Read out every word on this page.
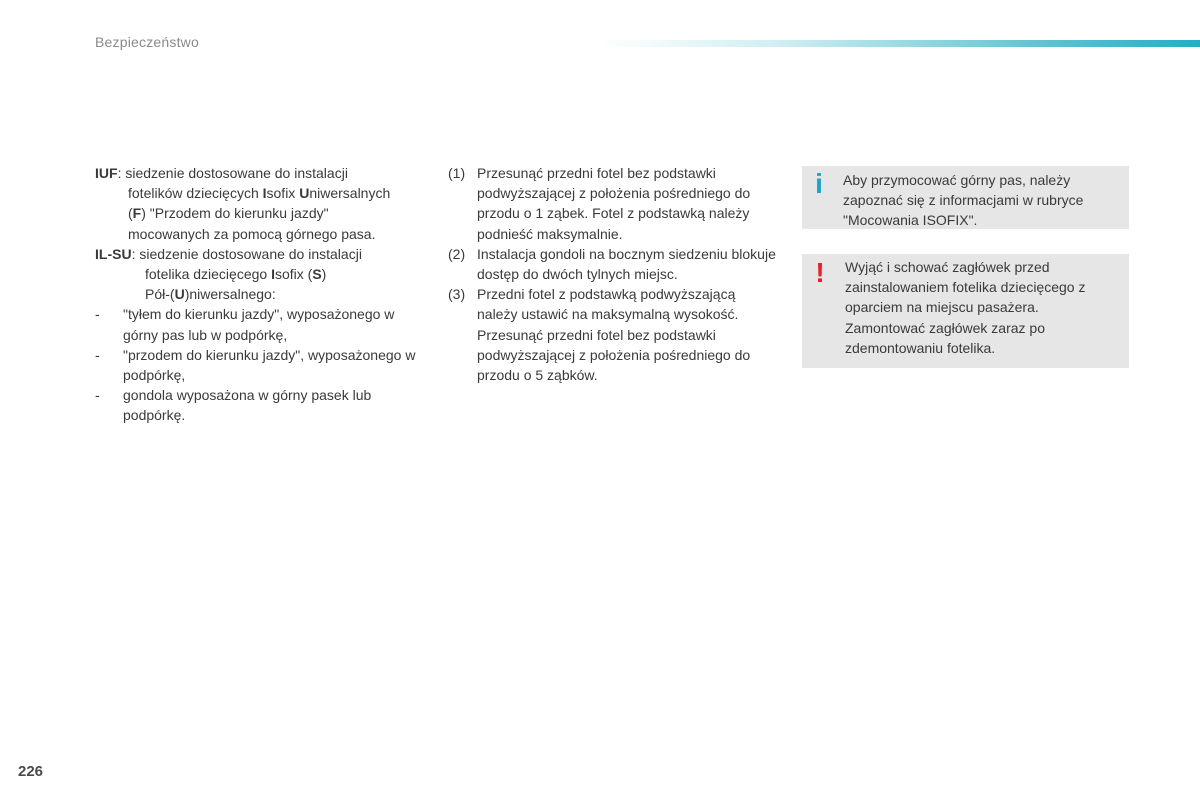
Bezpieczeństwo
IUF: siedzenie dostosowane do instalacji
fotelików dziecięcych Isofix Uniwersalnych
(F) "Przodem do kierunku jazdy"
mocowanych za pomocą górnego pasa.
IL-SU: siedzenie dostosowane do instalacji
fotelika dziecięcego Isofix (S)
Pół-(U)niwersalnego:
-	"tyłem do kierunku jazdy", wyposażonego w górny pas lub w podpórkę,
-	"przodem do kierunku jazdy", wyposażonego w podpórkę,
-	gondola wyposażona w górny pasek lub podpórkę.
(1) Przesunąć przedni fotel bez podstawki podwyższającej z położenia pośredniego do przodu o 1 ząbek. Fotel z podstawką należy podnieść maksymalnie.
(2) Instalacja gondoli na bocznym siedzeniu blokuje dostęp do dwóch tylnych miejsc.
(3) Przedni fotel z podstawką podwyższającą należy ustawić na maksymalną wysokość. Przesunąć przedni fotel bez podstawki podwyższającej z położenia pośredniego do przodu o 5 ząbków.
i Aby przymocować górny pas, należy zapoznać się z informacjami w rubryce "Mocowania ISOFIX".
! Wyjąć i schować zagłówek przed zainstalowaniem fotelika dziecięcego z oparciem na miejscu pasażera. Zamontować zagłówek zaraz po zdemontowaniu fotelika.
226
